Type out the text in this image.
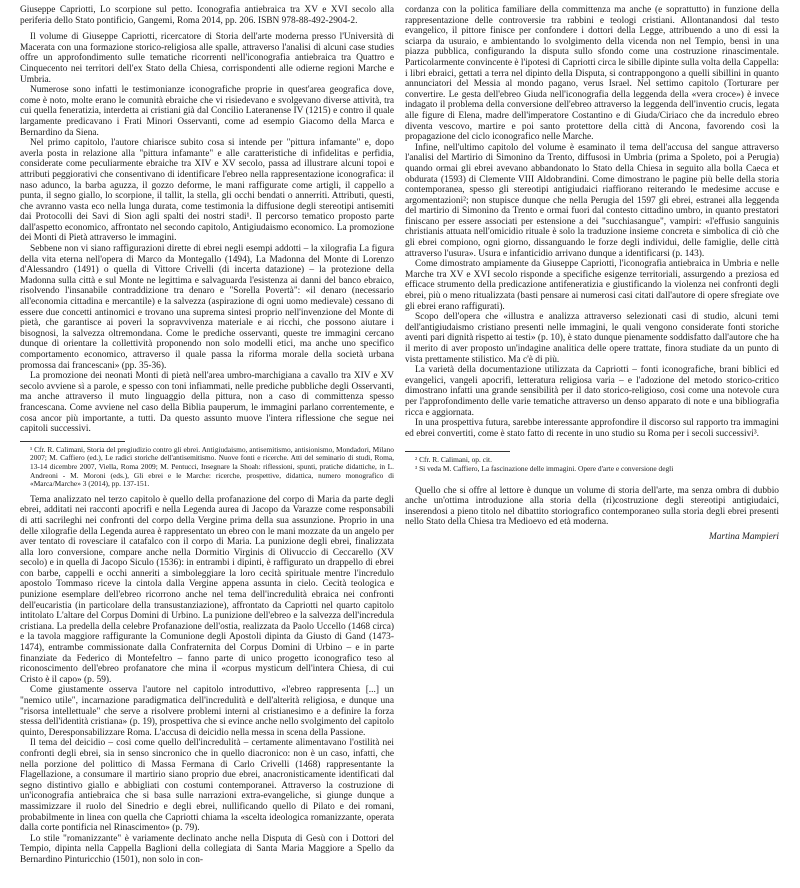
Giuseppe Capriotti, Lo scorpione sul petto. Iconografia antiebraica tra XV e XVI secolo alla periferia dello Stato pontificio, Gangemi, Roma 2014, pp. 206. ISBN 978-88-492-2904-2.

Il volume di Giuseppe Capriotti, ricercatore di Storia dell'arte moderna presso l'Università di Macerata con una formazione storico-religiosa alle spalle, attraverso l'analisi di alcuni case studies offre un approfondimento sulle tematiche ricorrenti nell'iconografia antiebraica tra Quattro e Cinquecento nei territori dell'ex Stato della Chiesa, corrispondenti alle odierne regioni Marche e Umbria.

Numerose sono infatti le testimonianze iconografiche proprie in quest'area geografica dove, come è noto, molte erano le comunità ebraiche che vi risiedevano e svolgevano diverse attività, tra cui quella feneratizia, interdetta ai cristiani già dal Concilio Lateranense IV (1215) e contro il quale largamente predicavano i Frati Minori Osservanti, come ad esempio Giacomo della Marca e Bernardino da Siena.

Nel primo capitolo, l'autore chiarisce subito cosa si intende per "pittura infamante" e, dopo averla posta in relazione alla "pittura infamante" e alle caratteristiche di infidelitas e perfidia, considerate come peculiarmente ebraiche tra XIV e XV secolo, passa ad illustrare alcuni topoi e attributi peggiorativi che consentivano di identificare l'ebreo nella rappresentazione iconografica: il naso adunco, la barba aguzza, il gozzo deforme, le mani raffigurate come artigli, il cappello a punta, il segno giallo, lo scorpione, il tallit, la stella, gli occhi bendati o annerriti. Attributi, questi, che avranno vasta eco nella lunga durata, come testimonia la diffusione degli stereotipi antisemiti dai Protocolli dei Savi di Sion agli spalti dei nostri stadi¹. Il percorso tematico proposto parte dall'aspetto economico, affrontato nel secondo capitolo, Antigiudaismo economico. La promozione dei Monti di Pietà attraverso le immagini.

Sebbene non vi siano raffigurazioni dirette di ebrei negli esempi addotti – la xilografia La figura della vita eterna nell'opera di Marco da Montegallo (1494), La Madonna del Monte di Lorenzo d'Alessandro (1491) o quella di Vittore Crivelli (di incerta datazione) – la protezione della Madonna sulla città e sul Monte ne legittima e salvaguarda l'esistenza ai danni del banco ebraico, risolvendo l'insanabile contraddizione tra denaro e "Sorella Povertà": «il denaro (necessario all'economia cittadina e mercantile) e la salvezza (aspirazione di ogni uomo medievale) cessano di essere due concetti antinomici e trovano una suprema sintesi proprio nell'invenzione del Monte di pietà, che garantisce ai poveri la sopravvivenza materiale e ai ricchi, che possono aiutare i bisognosi, la salvezza oltremondana. Come le prediche osservanti, queste tre immagini cercano dunque di orientare la collettività proponendo non solo modelli etici, ma anche uno specifico comportamento economico, attraverso il quale passa la riforma morale della società urbana promossa dai francescani» (pp. 35-36).

La promozione dei neonati Monti di pietà nell'area umbro-marchigiana a cavallo tra XIV e XV secolo avviene sì a parole, e spesso con toni infiammati, nelle prediche pubbliche degli Osservanti, ma anche attraverso il muto linguaggio della pittura, non a caso di committenza spesso francescana. Come avviene nel caso della Biblia pauperum, le immagini parlano correntemente, e cosa ancor più importante, a tutti. Da questo assunto muove l'intera riflessione che segue nei capitoli successivi.

¹ Cfr. R. Calimani, Storia del pregiudizio contro gli ebrei. Antigiudaismo, antisemitismo, antisionismo, Mondadori, Milano 2007; M. Caffiero (ed.), Le radici storiche dell'antisemitismo. Nuove fonti e ricerche. Atti del seminario di studi, Roma, 13-14 dicembre 2007, Viella, Roma 2009; M. Pentucci, Insegnare la Shoah: riflessioni, spunti, pratiche didattiche, in L. Andreoni - M. Moroni (eds.), Gli ebrei e le Marche: ricerche, prospettive, didattica, numero monografico di «Marca/Marche» 3 (2014), pp. 137-151.

Tema analizzato nel terzo capitolo è quello della profanazione del corpo di Maria da parte degli ebrei, additati nei racconti apocrifi e nella Legenda aurea di Jacopo da Varazze come responsabili di atti sacrileghi nei confronti del corpo della Vergine prima della sua assunzione. Proprio in una delle xilografie della Legenda aurea è rappresentato un ebreo con le mani mozzate da un angelo per aver tentato di rovesciare il catafalco con il corpo di Maria. La punizione degli ebrei, finalizzata alla loro conversione, compare anche nella Dormitio Virginis di Olivuccio di Ceccarello (XV secolo) e in quella di Jacopo Siculo (1536): in entrambi i dipinti, è raffigurato un drappello di ebrei con barbe, cappelli e occhi anneriti a simboleggiare la loro cecità spirituale mentre l'incredulo apostolo Tommaso riceve la cintola dalla Vergine appena assunta in cielo. Cecità teologica e punizione esemplare dell'ebreo ricorrono anche nel tema dell'incredulità ebraica nei confronti dell'eucaristia (in particolare della transustanziazione), affrontato da Capriotti nel quarto capitolo intitolato L'altare del Corpus Domini di Urbino. La punizione dell'ebreo e la salvezza dell'incredula cristiana. La predella della celebre Profanazione dell'ostia, realizzata da Paolo Uccello (1468 circa) e la tavola maggiore raffigurante la Comunione degli Apostoli dipinta da Giusto di Gand (1473-1474), entrambe commissionate dalla Confraternita del Corpus Domini di Urbino – e in parte finanziate da Federico di Montefeltro – fanno parte di unico progetto iconografico teso al riconoscimento dell'ebreo profanatore che mina il «corpus mysticum dell'intera Chiesa, di cui Cristo è il capo» (p. 59).

Come giustamente osserva l'autore nel capitolo introduttivo, «l'ebreo rappresenta [...] un "nemico utile", incarnazione paradigmatica dell'incredulità e dell'alterità religiosa, e dunque una "risorsa intellettuale" che serve a risolvere problemi interni al cristianesimo e a definire la forza stessa dell'identità cristiana» (p. 19), prospettiva che si evince anche nello svolgimento del capitolo quinto, Deresponsabilizzare Roma. L'accusa di deicidio nella messa in scena della Passione.

Il tema del deicidio – così come quello dell'incredulità – certamente alimentavano l'ostilità nei confronti degli ebrei, sia in senso sincronico che in quello diacronico: non è un caso, infatti, che nella porzione del polittico di Massa Fermana di Carlo Crivelli (1468) rappresentante la Flagellazione, a consumare il martirio siano proprio due ebrei, anacronisticamente identificati dal segno distintivo giallo e abbigliati con costumi contemporanei. Attraverso la costruzione di un'iconografia antiebraica che si basa sulle narrazioni extra-evangeliche, si giunge dunque a massimizzare il ruolo del Sinedrio e degli ebrei, nullificando quello di Pilato e dei romani, probabilmente in linea con quella che Capriotti chiama la «scelta ideologica romanizzante, operata dalla corte pontificia nel Rinascimento» (p. 79).

Lo stile "romanizzante" è variamente declinato anche nella Disputa di Gesù con i Dottori del Tempio, dipinta nella Cappella Baglioni della collegiata di Santa Maria Maggiore a Spello da Bernardino Pinturicchio (1501), non solo in con-

cordanza con la politica familiare della committenza ma anche (e soprattutto) in funzione della rappresentazione delle controversie tra rabbini e teologi cristiani. Allontanandosi dal testo evangelico, il pittore finisce per confondere i dottori della Legge, attribuendo a uno di essi la sciarpa da usuraio, e ambientando lo svolgimento della vicenda non nel Tempio, bensì in una piazza pubblica, configurando la disputa sullo sfondo come una costruzione rinascimentale. Particolarmente convincente è l'ipotesi di Capriotti circa le sibille dipinte sulla volta della Cappella: i libri ebraici, gettati a terra nel dipinto della Disputa, si contrappongono a quelli sibillini in quanto annunciatori del Messia al mondo pagano, verus Israel. Nel settimo capitolo (Torturare per convertire. Le gesta dell'ebreo Giuda nell'iconografia della leggenda della «vera croce») è invece indagato il problema della conversione dell'ebreo attraverso la leggenda dell'inventio crucis, legata alle figure di Elena, madre dell'imperatore Costantino e di Giuda/Ciriaco che da incredulo ebreo diventa vescovo, martire e poi santo protettore della città di Ancona, favorendo così la propagazione del ciclo iconografico nelle Marche.

Infine, nell'ultimo capitolo del volume è esaminato il tema dell'accusa del sangue attraverso l'analisi del Martirio di Simonino da Trento, diffusosi in Umbria (prima a Spoleto, poi a Perugia) quando ormai gli ebrei avevano abbandonato lo Stato della Chiesa in seguito alla bolla Caeca et obdurata (1593) di Clemente VIII Aldobrandini. Come dimostrano le pagine più belle della storia contemporanea, spesso gli stereotipi antigiudaici riaffiorano reiterando le medesime accuse e argomentazioni²; non stupisce dunque che nella Perugia del 1597 gli ebrei, estranei alla leggenda del martirio di Simonino da Trento e ormai fuori dal contesto cittadino umbro, in quanto prestatori finiscano per essere associati per estensione a dei "succhiasangue", vampiri: «l'effusio sanguinis christianis attuata nell'omicidio rituale è solo la traduzione insieme concreta e simbolica di ciò che gli ebrei compiono, ogni giorno, dissanguando le forze degli individui, delle famiglie, delle città attraverso l'usura». Usura e infanticidio arrivano dunque a identificarsi (p. 143).

Come dimostrato ampiamente da Giuseppe Capriotti, l'iconografia antiebraica in Umbria e nelle Marche tra XV e XVI secolo risponde a specifiche esigenze territoriali, assurgendo a preziosa ed efficace strumento della predicazione antifeneratizia e giustificando la violenza nei confronti degli ebrei, più o meno ritualizzata (basti pensare ai numerosi casi citati dall'autore di opere sfregiate ove gli ebrei erano raffigurati).

Scopo dell'opera che «illustra e analizza attraverso selezionati casi di studio, alcuni temi dell'antigiudaismo cristiano presenti nelle immagini, le quali vengono considerate fonti storiche aventi pari dignità rispetto ai testi» (p. 10), è stato dunque pienamente soddisfatto dall'autore che ha il merito di aver proposto un'indagine analitica delle opere trattate, finora studiate da un punto di vista prettamente stilistico. Ma c'è di più.

La varietà della documentazione utilizzata da Capriotti – fonti iconografiche, brani biblici ed evangelici, vangeli apocrifi, letteratura religiosa varia – e l'adozione del metodo storico-critico dimostrano infatti una grande sensibilità per il dato storico-religioso, così come una notevole cura per l'approfondimento delle varie tematiche attraverso un denso apparato di note e una bibliografia ricca e aggiornata.

In una prospettiva futura, sarebbe interessante approfondire il discorso sul rapporto tra immagini ed ebrei convertiti, come è stato fatto di recente in uno studio su Roma per i secoli successivi³.

² Cfr. R. Calimani, op. cit.

³ Si veda M. Caffiero, La fascinazione delle immagini. Opere d'arte e conversione degli

Quello che si offre al lettore è dunque un volume di storia dell'arte, ma senza ombra di dubbio anche un'ottima introduzione alla storia della (ri)costruzione degli stereotipi antigiudaici, inserendosi a pieno titolo nel dibattito storiografico contemporaneo sulla storia degli ebrei presenti nello Stato della Chiesa tra Medioevo ed età moderna.

Martina Mampieri
